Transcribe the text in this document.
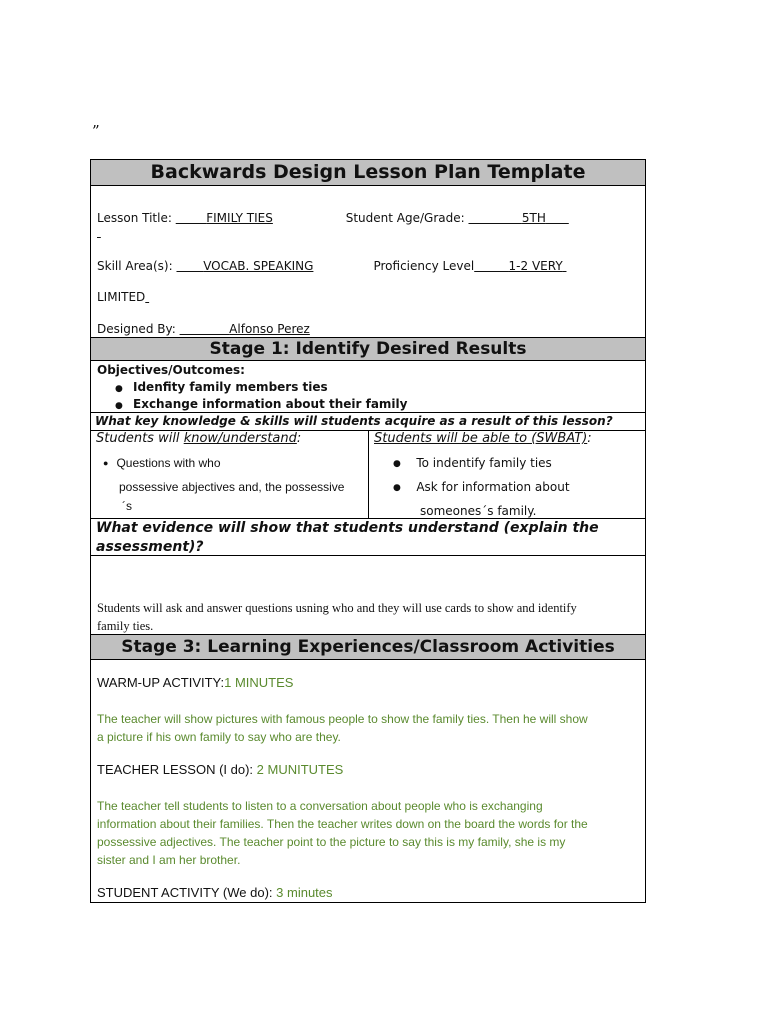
”
Backwards Design Lesson Plan Template
Lesson Title:	FIMILY TIES	Student Age/Grade:	5TH

Skill Area(s):	VOCAB. SPEAKING	Proficiency Level	1-2 VERY
LIMITED
Designed By:	Alfonso Perez
Stage 1: Identify Desired Results
Objectives/Outcomes:
● Idenfity family members ties
● Exchange information about their family
What key knowledge & skills will students acquire as a result of this lesson?
Students will know/understand:
● Questions with who
possessive abjectives and, the possessive
´s
Students will be able to (SWBAT):
● To indentify family ties
● Ask for information about
someones´s family.
What evidence will show that students understand (explain the
assessment)?
Students will ask and answer questions usning who and they will use cards to show and identify
family ties.
Stage 3: Learning Experiences/Classroom Activities
WARM-UP ACTIVITY:1 MINUTES
The teacher will show pictures with famous people to show the family ties. Then he will show
a picture if his own family to say who are they.
TEACHER LESSON (I do): 2 MUNITUTES
The teacher tell students to listen to a conversation about people who is exchanging
information about their families. Then the teacher writes down on the board the words for the
possessive adjectives. The teacher point to the picture to say this is my family, she is my
sister and I am her brother.
STUDENT ACTIVITY (We do): 3 minutes
